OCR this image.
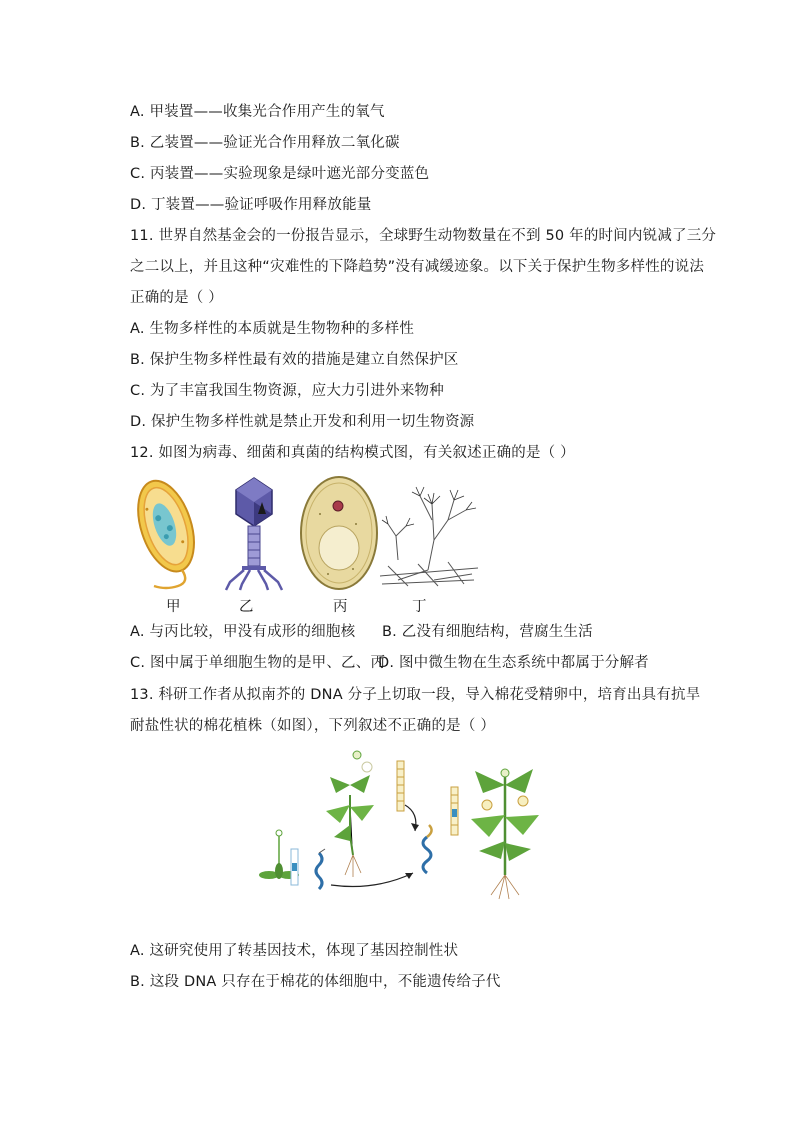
A. 甲装置——收集光合作用产生的氧气
B. 乙装置——验证光合作用释放二氧化碳
C. 丙装置——实验现象是绿叶遮光部分变蓝色
D. 丁装置——验证呼吸作用释放能量
11. 世界自然基金会的一份报告显示，全球野生动物数量在不到 50 年的时间内锐减了三分
之二以上，并且这种“灾难性的下降趋势”没有减缓迹象。以下关于保护生物多样性的说法
正确的是（ ）
A. 生物多样性的本质就是生物物种的多样性
B. 保护生物多样性最有效的措施是建立自然保护区
C. 为了丰富我国生物资源，应大力引进外来物种
D. 保护生物多样性就是禁止开发和利用一切生物资源
12. 如图为病毒、细菌和真菌的结构模式图，有关叙述正确的是（ ）
甲	乙	丙	丁
A. 与丙比较，甲没有成形的细胞核 B. 乙没有细胞结构，营腐生生活
C. 图中属于单细胞生物的是甲、乙、丙
D. 图中微生物在生态系统中都属于分解者
13. 科研工作者从拟南芥的 DNA 分子上切取一段，导入棉花受精卵中，培育出具有抗旱
耐盐性状的棉花植株（如图），下列叙述不正确的是（ ）
A. 这研究使用了转基因技术，体现了基因控制性状
B. 这段 DNA 只存在于棉花的体细胞中，不能遗传给子代
